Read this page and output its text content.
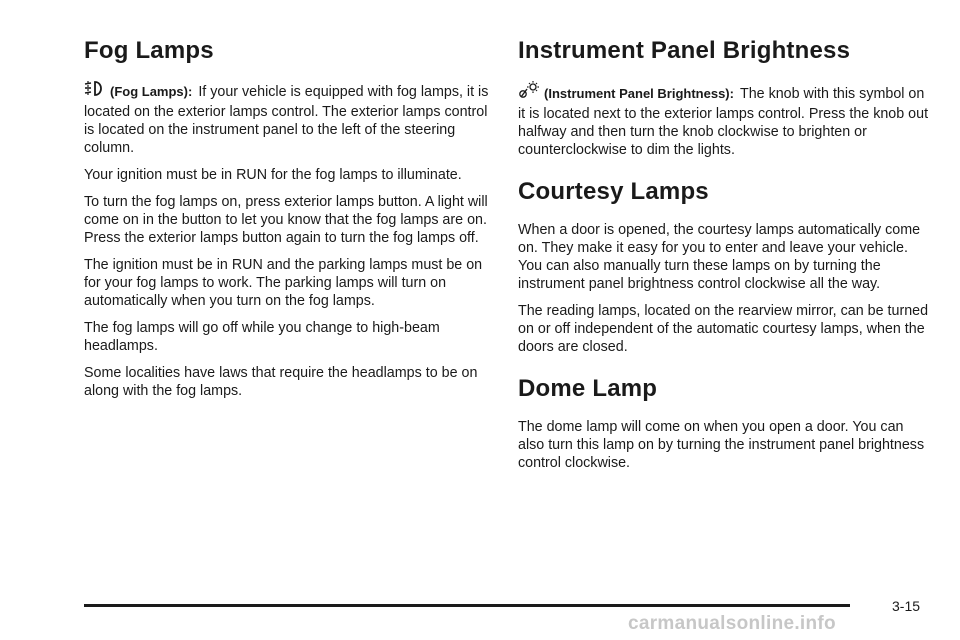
Fog Lamps

(Fog Lamps): If your vehicle is equipped with fog lamps, it is located on the exterior lamps control. The exterior lamps control is located on the instrument panel to the left of the steering column.

Your ignition must be in RUN for the fog lamps to illuminate.

To turn the fog lamps on, press exterior lamps button. A light will come on in the button to let you know that the fog lamps are on. Press the exterior lamps button again to turn the fog lamps off.

The ignition must be in RUN and the parking lamps must be on for your fog lamps to work. The parking lamps will turn on automatically when you turn on the fog lamps.

The fog lamps will go off while you change to high-beam headlamps.

Some localities have laws that require the headlamps to be on along with the fog lamps.

Instrument Panel Brightness

(Instrument Panel Brightness): The knob with this symbol on it is located next to the exterior lamps control. Press the knob out halfway and then turn the knob clockwise to brighten or counterclockwise to dim the lights.

Courtesy Lamps

When a door is opened, the courtesy lamps automatically come on. They make it easy for you to enter and leave your vehicle. You can also manually turn these lamps on by turning the instrument panel brightness control clockwise all the way.

The reading lamps, located on the rearview mirror, can be turned on or off independent of the automatic courtesy lamps, when the doors are closed.

Dome Lamp

The dome lamp will come on when you open a door. You can also turn this lamp on by turning the instrument panel brightness control clockwise.

3-15
carmanualsonline.info
